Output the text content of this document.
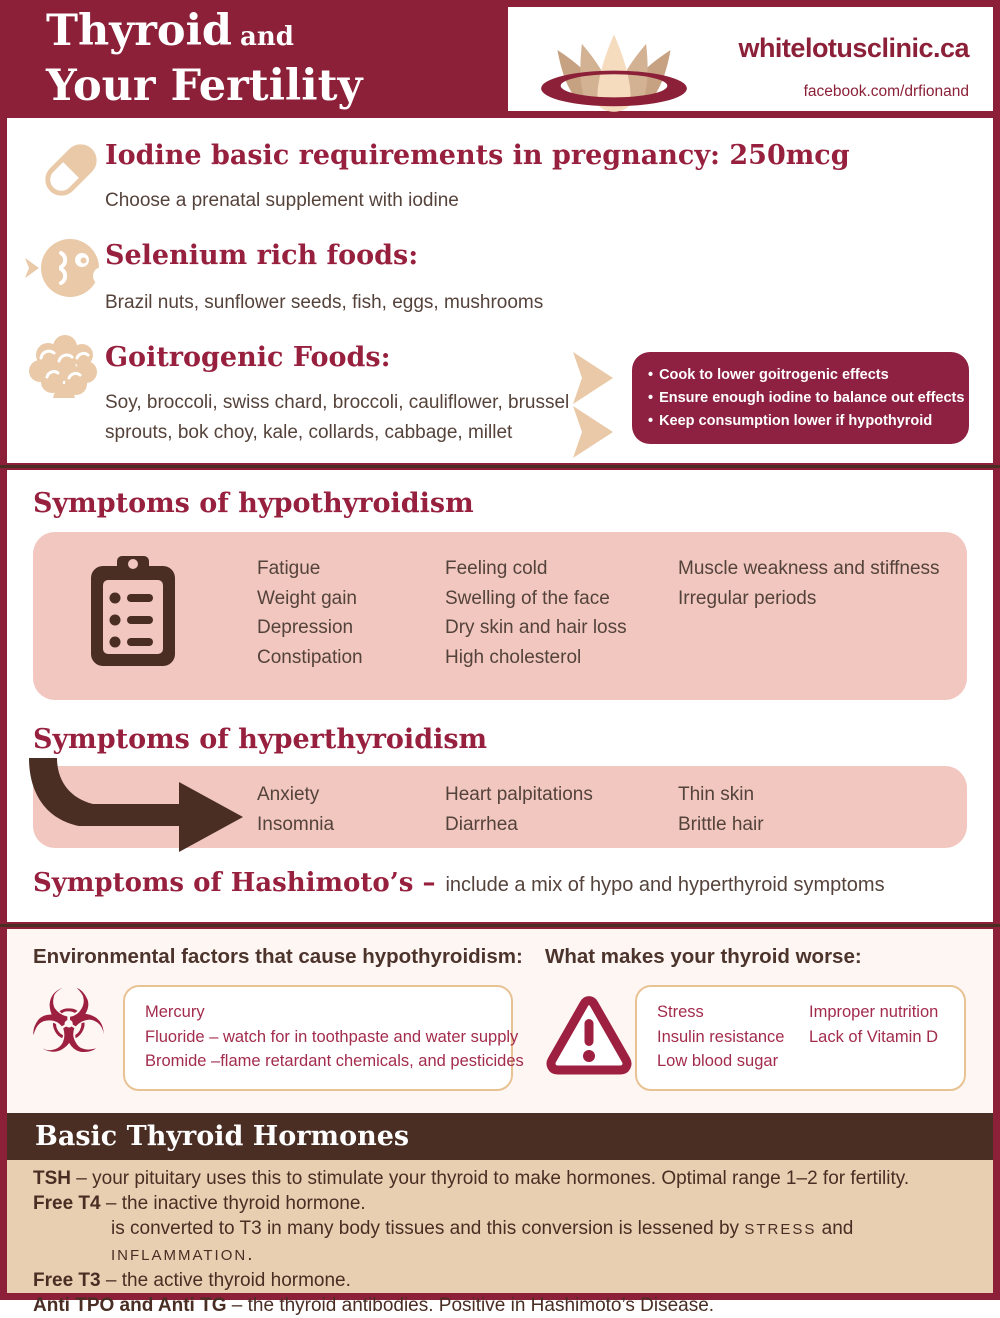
Thyroid and
Your Fertility
whitelotusclinic.ca
facebook.com/drfionand
Iodine basic requirements in pregnancy: 250mcg
Choose a prenatal supplement with iodine
Selenium rich foods:
Brazil nuts, sunflower seeds, fish, eggs, mushrooms
Goitrogenic Foods:
Soy, broccoli, swiss chard, broccoli, cauliflower, brussel
sprouts, bok choy, kale, collards, cabbage, millet
• Cook to lower goitrogenic effects
• Ensure enough iodine to balance out effects
• Keep consumption lower if hypothyroid
Symptoms of hypothyroidism
Fatigue
Weight gain
Depression
Constipation
Feeling cold
Swelling of the face
Dry skin and hair loss
High cholesterol
Muscle weakness and stiffness
Irregular periods
Symptoms of hyperthyroidism
Anxiety
Insomnia
Heart palpitations
Diarrhea
Thin skin
Brittle hair
Symptoms of Hashimoto’s – include a mix of hypo and hyperthyroid symptoms
Environmental factors that cause hypothyroidism:
☣ Mercury
Fluoride – watch for in toothpaste and water supply
Bromide –flame retardant chemicals, and pesticides
What makes your thyroid worse:
Stress
Insulin resistance
Low blood sugar
Improper nutrition
Lack of Vitamin D
Basic Thyroid Hormones
TSH – your pituitary uses this to stimulate your thyroid to make hormones. Optimal range 1–2 for fertility.
Free T4 – the inactive thyroid hormone.
is converted to T3 in many body tissues and this conversion is lessened by STRESS and INFLAMMATION.
Free T3 – the active thyroid hormone.
Anti TPO and Anti TG – the thyroid antibodies. Positive in Hashimoto’s Disease.
